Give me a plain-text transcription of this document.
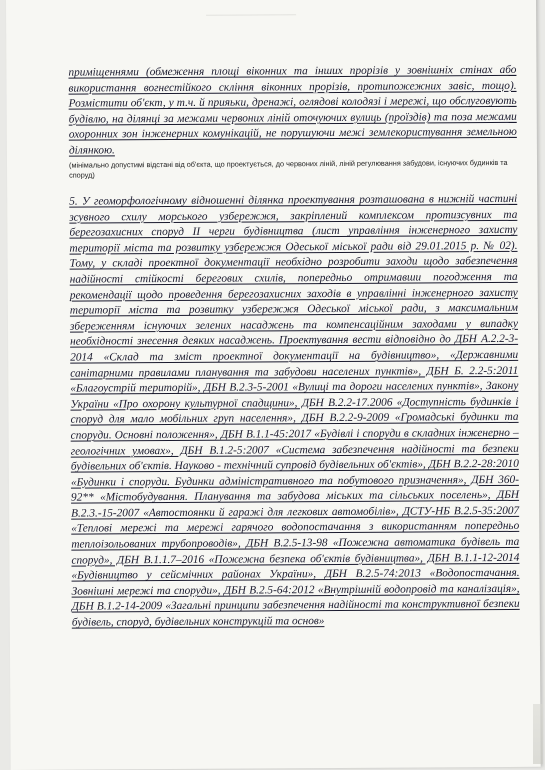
приміщеннями (обмеження площі віконних та інших прорізів у зовнішніх стінах або використання вогнестійкого скління віконних прорізів, протипожежних завіс, тощо). Розмістити об'єкт, у т.ч. й прияьки, дренажі, оглядові колодязі і мережі, що обслуговують будівлю, на ділянці за межами червоних ліній оточуючих вулиць (проїздів) та поза межами охоронних зон інженерних комунікацій, не порушуючи межі землекористування земельною ділянкою.

(мінімально допустимі відстані від об'єкта, що проектується, до червоних ліній, ліній регулювання забудови, існуючих будинків та споруд)

5. У геоморфологічному відношенні ділянка проектування розташована в нижній частині зсувного схилу морського узбережжя, закріплений комплексом протизсувних та берегозахисних споруд ІІ черги будівництва (лист управління інженерного захисту території міста та розвитку узбережжя Одеської міської ради від 29.01.2015 р. № 02). Тому, у складі проектної документації необхідно розробити заходи щодо забезпечення надійності стійкості берегових схилів, попередньо отримавши погодження та рекомендації щодо проведення берегозахисних заходів в управлінні інженерного захисту території міста та розвитку узбережжя Одеської міської ради, з максимальним збереженням існуючих зелених насаджень та компенсаційним заходами у випадку необхідності знесення деяких насаджень. Проектування вести відповідно до ДБН А.2.2-3-2014 «Склад та зміст проектної документації на будівництво», «Державними санітарними правилами планування та забудови населених пунктів», ДБН Б. 2.2-5:2011 «Благоустрій територій», ДБН В.2.3-5-2001 «Вулиці та дороги населених пунктів», Закону України «Про охорону культурної спадщини», ДБН В.2.2-17.2006 «Доступність будинків і споруд для мало мобільних груп населення», ДБН В.2.2-9-2009 «Громадські будинки та споруди. Основні положення», ДБН В.1.1-45:2017 «Будівлі і споруди в складних інженерно – геологічних умовах», ДБН В.1.2-5:2007 «Система забезпечення надійності та безпеки будівельних об'єктів. Науково - технічний супровід будівельних об'єктів», ДБН В.2.2-28:2010 «Будинки і споруди. Будинки адміністративного та побутового призначення», ДБН 360-92** «Містобудування. Планування та забудова міських та сільських поселень», ДБН В.2.3.-15-2007 «Автостоянки й гаражі для легкових автомобілів», ДСТУ-НБ В.2.5-35:2007 «Теплові мережі та мережі гарячого водопостачання з використанням попередньо теплоізольованих трубопроводів», ДБН В.2.5-13-98 «Пожежна автоматика будівель та споруд», ДБН В.1.1.7–2016 «Пожежна безпека об'єктів будівництва», ДБН В.1.1-12-2014 «Будівництво у сейсмічних районах України», ДБН В.2.5-74:2013 «Водопостачання. Зовнішні мережі та споруди», ДБН В.2.5-64:2012 «Внутрішній водопровід та каналізація», ДБН В.1.2-14-2009 «Загальні принципи забезпечення надійності та конструктивної безпеки будівель, споруд, будівельних конструкцій та основ»
